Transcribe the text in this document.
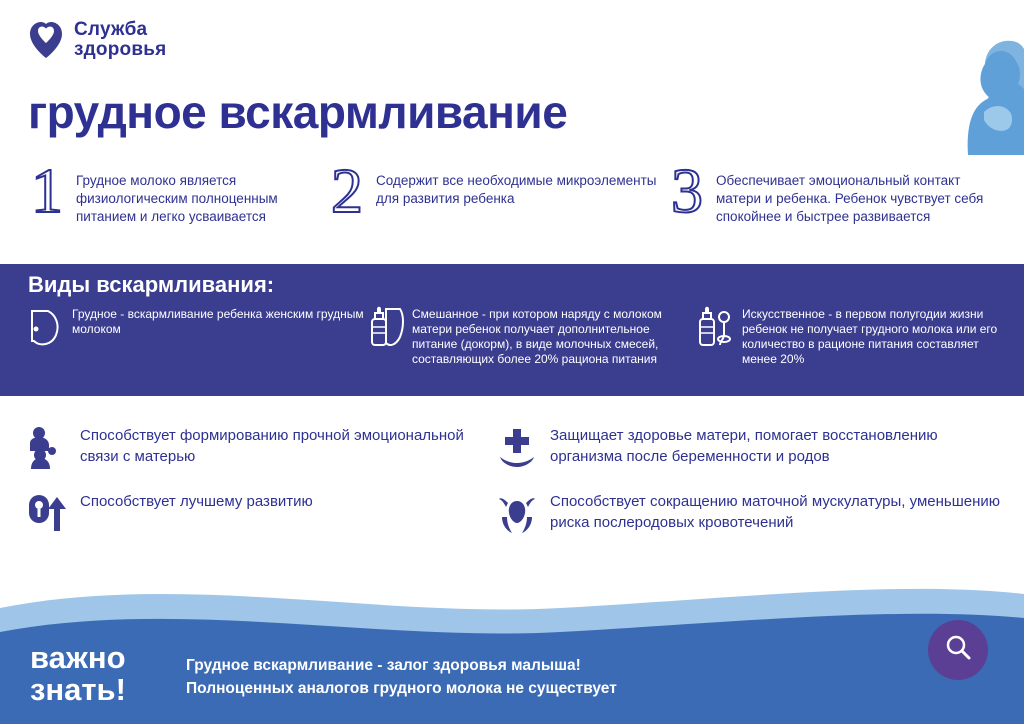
Служба
здоровья
грудное вскармливание
1 Грудное молоко является физиологическим полноценным питанием и легко усваивается	2 Содержит все необходимые микроэлементы для развития ребенка	3 Обеспечивает эмоциональный контакт матери и ребенка. Ребенок чувствует себя спокойнее и быстрее развивается
Виды вскармливания:
Грудное - вскармливание ребенка женским грудным молоком
Смешанное - при котором наряду с молоком матери ребенок получает дополнительное питание (докорм), в виде молочных смесей, составляющих более 20% рациона питания
Искусственное - в первом полугодии жизни ребенок не получает грудного молока или его количество в рационе питания составляет менее 20%
Способствует формированию прочной эмоциональной связи с матерью
Способствует лучшему развитию
Защищает здоровье матери, помогает восстановлению организма после беременности и родов
Способствует сокращению маточной мускулатуры, уменьшению риска послеродовых кровотечений
важно
знать!
Грудное вскармливание - залог здоровья малыша!
Полноценных аналогов грудного молока не существует
